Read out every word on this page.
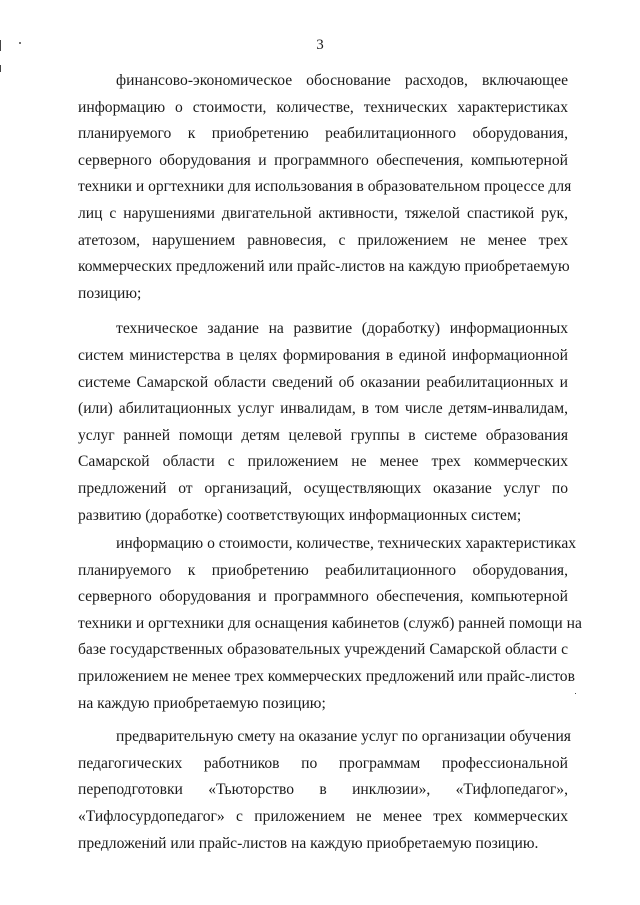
3
финансово-экономическое обоснование расходов, включающее
информацию о стоимости, количестве, технических характеристиках
планируемого к приобретению реабилитационного оборудования,
серверного оборудования и программного обеспечения, компьютерной
техники и оргтехники для использования в образовательном процессе для
лиц с нарушениями двигательной активности, тяжелой спастикой рук,
атетозом, нарушением равновесия, с приложением не менее трех
коммерческих предложений или прайс-листов на каждую приобретаемую
позицию;
техническое задание на развитие (доработку) информационных
систем министерства в целях формирования в единой информационной
системе Самарской области сведений об оказании реабилитационных и
(или) абилитационных услуг инвалидам, в том числе детям-инвалидам,
услуг ранней помощи детям целевой группы в системе образования
Самарской области с приложением не менее трех коммерческих
предложений от организаций, осуществляющих оказание услуг по
развитию (доработке) соответствующих информационных систем;
информацию о стоимости, количестве, технических характеристиках
планируемого к приобретению реабилитационного оборудования,
серверного оборудования и программного обеспечения, компьютерной
техники и оргтехники для оснащения кабинетов (служб) ранней помощи на
базе государственных образовательных учреждений Самарской области с
приложением не менее трех коммерческих предложений или прайс-листов
на каждую приобретаемую позицию;
предварительную смету на оказание услуг по организации обучения
педагогических работников по программам профессиональной
переподготовки «Тьюторство в инклюзии», «Тифлопедагог»,
«Тифлосурдопедагог» с приложением не менее трех коммерческих
предложений или прайс-листов на каждую приобретаемую позицию.
